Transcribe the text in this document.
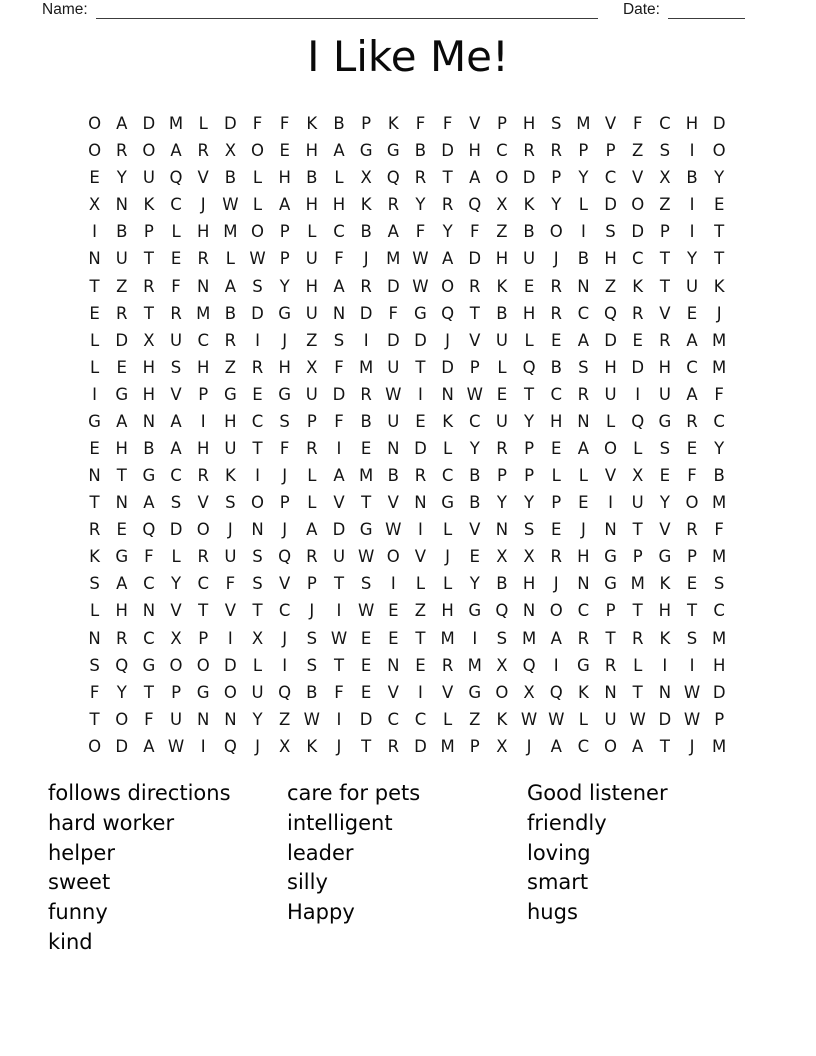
Name:	Date:
I Like Me!
O A D M L D F	F	K B	P	K	F	F	V	P H S M V	F	C H D
O R O A R X O E H A G G B D H C R R P	P	Z S	I	O
E	Y U Q V B	L H B	L	X Q R T A O D P	Y C V X B Y
X N K C	J	W L	A H H K R Y R Q X K	Y	L D O Z	I	E
I	B	P	L H M O P	L	C B A	F	Y	F	Z B O	I	S D P	I	T
N U T	E R	L W P U F	J	M W A D H U	J	B H C T	Y	T
T Z R	F N A S	Y H A R D W O R K	E R N Z K	T U K
E R T R M B D G U N D F G Q T B H R C Q R V E	J
L D X U C R	I	J	Z S	I	D D	J	V U	L	E A D E R A M
L	E H S H Z R H X	F M U T D P	L Q B S H D H C M
I	G H V	P G E G U D R W	I	N W E	T C R U	I	U A	F
G A N A	I	H C S	P	F	B U E	K C U Y H N L Q G R C
E H B A H U T	F	R	I	E N D L	Y R P	E A O L	S	E	Y
N T G C R K	I	J	L	A M B R C B	P	P	L	L	V X E	F	B
T N A S V S O P	L	V T V N G B Y	Y	P	E	I	U Y O M
R E Q D O	J	N	J	A D G W	I	L	V N S	E	J	N T V R	F
K G F	L	R U S Q R U W O V	J	E X X R H G P G P M
S A C Y C	F	S V	P	T	S	I	L	L	Y B H	J	N G M K	E	S
L H N V T V T C	J	I	W E Z H G Q N O C P	T H T C
N R C X	P	I	X	J	S W E	E	T M	I	S M A R T R K	S M
S Q G O O D L	I	S	T	E N E R M X Q	I	G R	L	I	I	H
F	Y	T	P G O U Q B	F	E V	I	V G O X Q K N T N W D
T O F U N N Y Z W	I	D C C	L	Z K W W L	U W D W P
O D A W	I	Q	J	X K	J	T R D M P	X	J	A C O A T	J	M
follows directions
hard worker
helper
sweet
funny
kind
care for pets
intelligent
leader
silly
Happy
Good listener
friendly
loving
smart
hugs
